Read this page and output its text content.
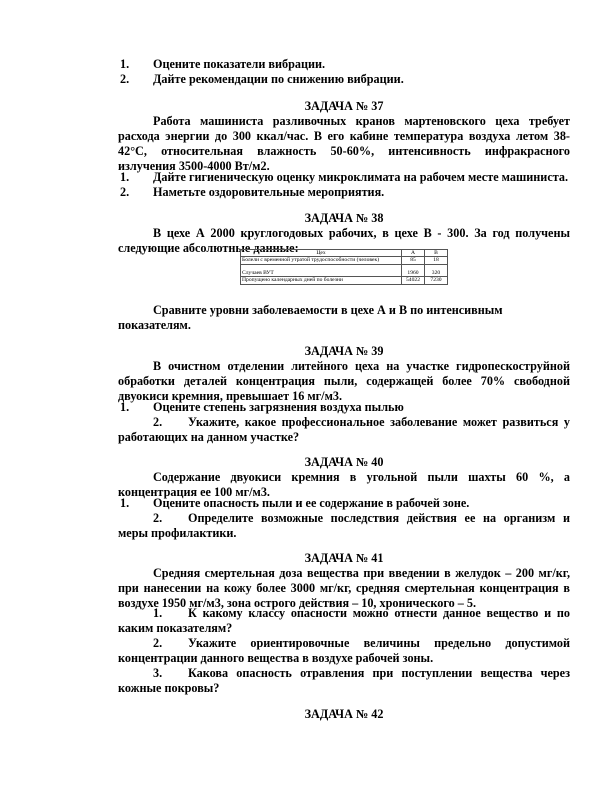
1.	Оцените показатели вибрации.
2.	Дайте рекомендации по снижению вибрации.
ЗАДАЧА № 37

Работа машиниста разливочных кранов мартеновского цеха требует расхода энергии до 300 ккал/час. В его кабине температура воздуха летом 38-42°С, относительная влажность 50-60%, интенсивность инфракрасного излучения 3500-4000 Вт/м2.

1.	Дайте гигиеническую оценку микроклимата на рабочем месте машиниста.
2.	Наметьте оздоровительные мероприятия.
ЗАДАЧА № 38

В цехе А 2000 круглогодовых рабочих, в цехе В - 300. За год получены следующие абсолютные данные:	Цех	А	В
Болели с временной утратой трудоспособности (человек)	85	18
Случаев ВУТ	1960	320
Пропущено календарных дней по болезни	54022	7230

Сравните уровни заболеваемости в цехе А и В по интенсивным показателям.

ЗАДАЧА № 39

В очистном отделении литейного цеха на участке гидропескоструйной обработки деталей концентрация пыли, содержащей более 70% свободной двуокиси кремния, превышает 16 мг/м3.

1.	Оцените степень загрязнения воздуха пылью
2.	Укажите, какое профессиональное заболевание может развиться у работающих на данном участке?
ЗАДАЧА № 40

Содержание двуокиси кремния в угольной пыли шахты 60 %, а концентрация ее 100 мг/м3.

1.	Оцените опасность пыли и ее содержание в рабочей зоне.
2.	Определите возможные последствия действия ее на организм и меры профилактики.
ЗАДАЧА № 41

Средняя смертельная доза вещества при введении в желудок – 200 мг/кг, при нанесении на кожу более 3000 мг/кг, средняя смертельная концентрация в воздухе 1950 мг/м3, зона острого действия – 10, хронического – 5.

1.	К какому классу опасности можно отнести данное вещество и по каким показателям?
2.	Укажите ориентировочные величины предельно допустимой концентрации данного вещества в воздухе рабочей зоны.
3.	Какова опасность отравления при поступлении вещества через кожные покровы?
ЗАДАЧА № 42
